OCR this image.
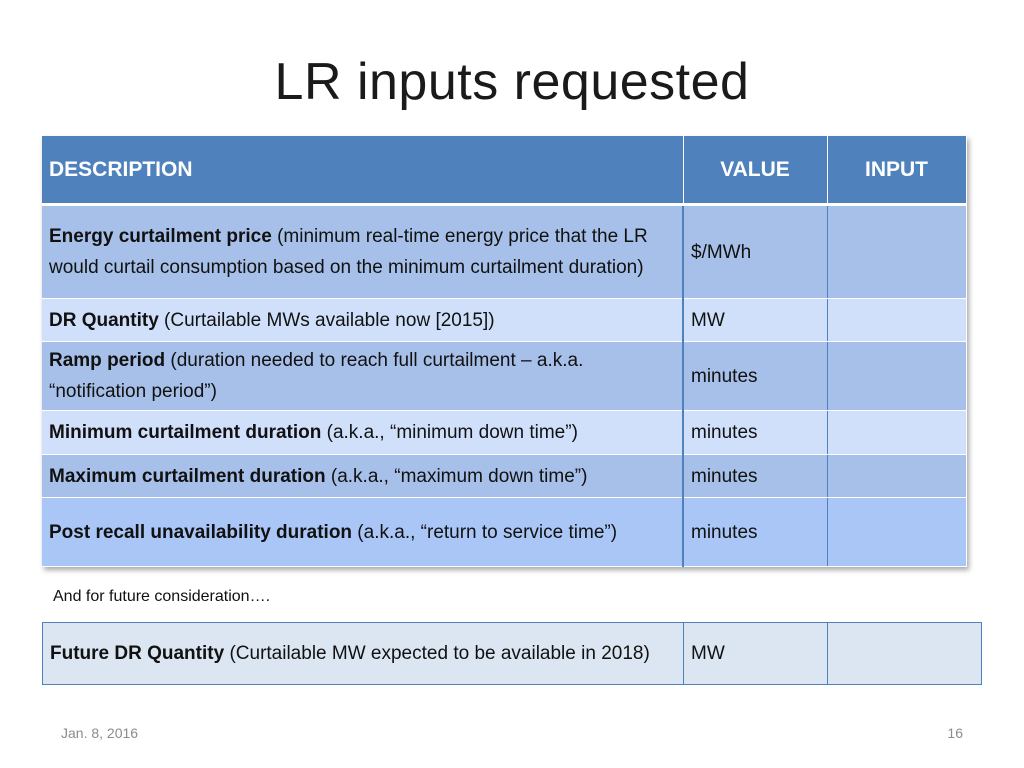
LR inputs requested
DESCRIPTION	VALUE	INPUT
Energy curtailment price (minimum real-time energy price that the LR would curtail consumption based on the minimum curtailment duration)	$/MWh	
DR Quantity (Curtailable MWs available now [2015])	MW	
Ramp period (duration needed to reach full curtailment – a.k.a. “notification period”)	minutes	
Minimum curtailment duration (a.k.a., “minimum down time”)	minutes	
Maximum curtailment duration (a.k.a., “maximum down time”)	minutes	
Post recall unavailability duration (a.k.a., “return to service time”)	minutes	
And for future consideration….
Future DR Quantity (Curtailable MW expected to be available in 2018)	MW	
Jan. 8, 2016	16
